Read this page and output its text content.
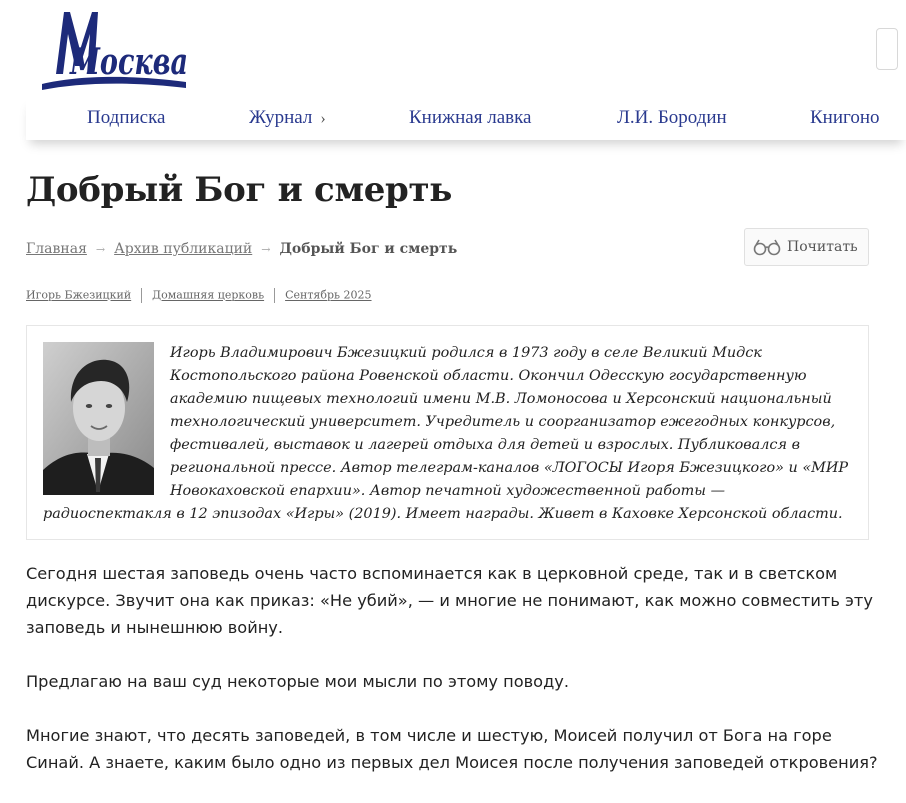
Москва
Подписка	Журнал ›	Книжная лавка	Л.И. Бородин	Книгоно
Добрый Бог и смерть
Главная → Архив публикаций → Добрый Бог и смерть	Почитать
Игорь Бжезицкий Домашняя церковь Сентябрь 2025

Игорь Владимирович Бжезицкий родился в 1973 году в селе Великий Мидск Костопольского района Ровенской области. Окончил Одесскую государственную академию пищевых технологий имени М.В. Ломоносова и Херсонский национальный технологический университет. Учредитель и соорганизатор ежегодных конкурсов, фестивалей, выставок и лагерей отдыха для детей и взрослых. Публиковался в региональной прессе. Автор телеграм-каналов «ЛОГОСЫ Игоря Бжезицкого» и «МИР Новокаховской епархии». Автор печатной художественной работы — радиоспектакля в 12 эпизодах «Игры» (2019). Имеет награды. Живет в Каховке Херсонской области.

Сегодня шестая заповедь очень часто вспоминается как в церковной среде, так и в светском дискурсе. Звучит она как приказ: «Не убий», — и многие не понимают, как можно совместить эту заповедь и нынешнюю войну.

Предлагаю на ваш суд некоторые мои мысли по этому поводу.

Многие знают, что десять заповедей, в том числе и шестую, Моисей получил от Бога на горе Синай. А знаете, каким было одно из первых дел Моисея после получения заповедей откровения?
